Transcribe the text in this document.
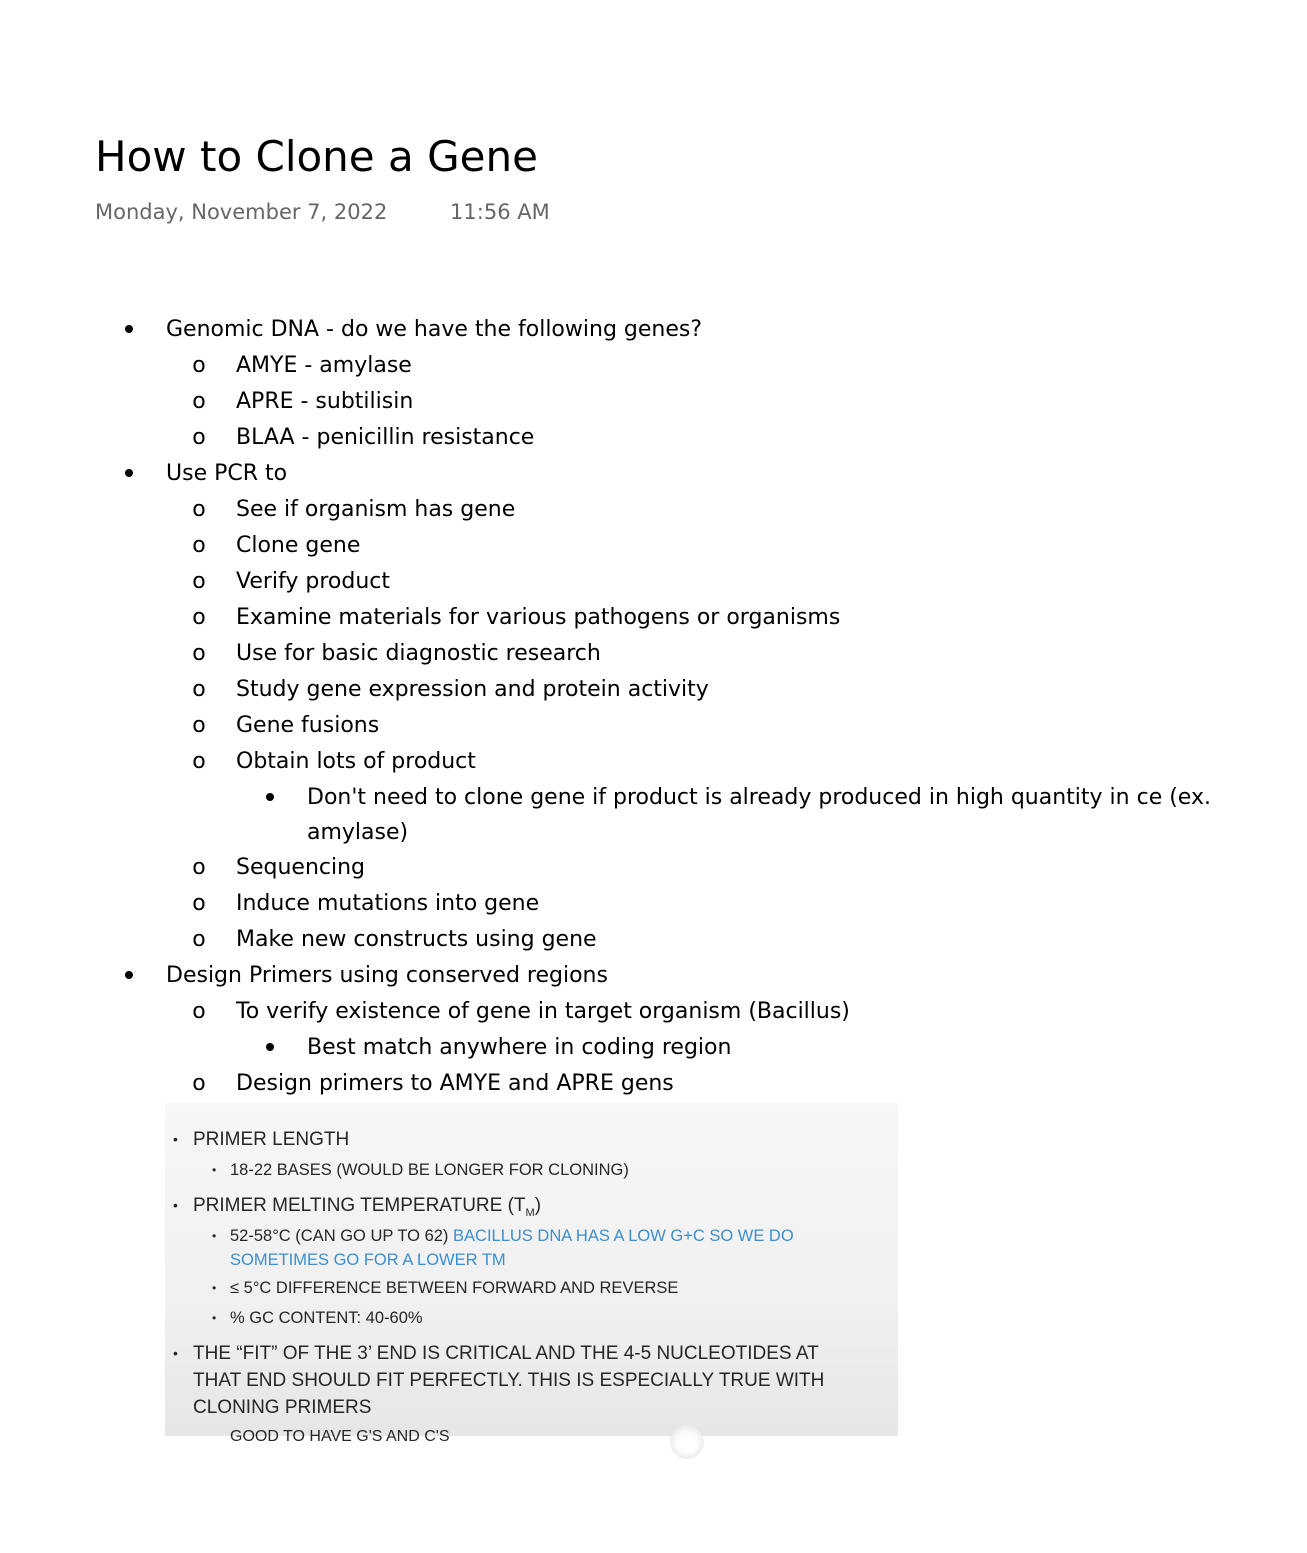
How to Clone a Gene
Monday, November 7, 2022	11:56 AM
Genomic DNA - do we have the following genes?
o AMYE - amylase
o APRE - subtilisin
o BLAA - penicillin resistance
Use PCR to
o See if organism has gene
o Clone gene
o Verify product
o Examine materials for various pathogens or organisms
o Use for basic diagnostic research
o Study gene expression and protein activity
o Gene fusions
o Obtain lots of product
Don't need to clone gene if product is already produced in high quantity in ce (ex. amylase)
o Sequencing
o Induce mutations into gene
o Make new constructs using gene
Design Primers using conserved regions
o To verify existence of gene in target organism (Bacillus)
Best match anywhere in coding region
o Design primers to AMYE and APRE gens
• PRIMER LENGTH
• 18-22 BASES (WOULD BE LONGER FOR CLONING)
• PRIMER MELTING TEMPERATURE $(T_M)$
• 52-58°C (CAN GO UP TO 62) BACILLUS DNA HAS A LOW G+C SO WE DO
SOMETIMES GO FOR A LOWER TM
• ≤ 5°C DIFFERENCE BETWEEN FORWARD AND REVERSE
• % GC CONTENT: 40-60%
• THE “FIT” OF THE 3’ END IS CRITICAL AND THE 4-5 NUCLEOTIDES AT
THAT END SHOULD FIT PERFECTLY. THIS IS ESPECIALLY TRUE WITH
CLONING PRIMERS
GOOD TO HAVE G'S AND C'S
